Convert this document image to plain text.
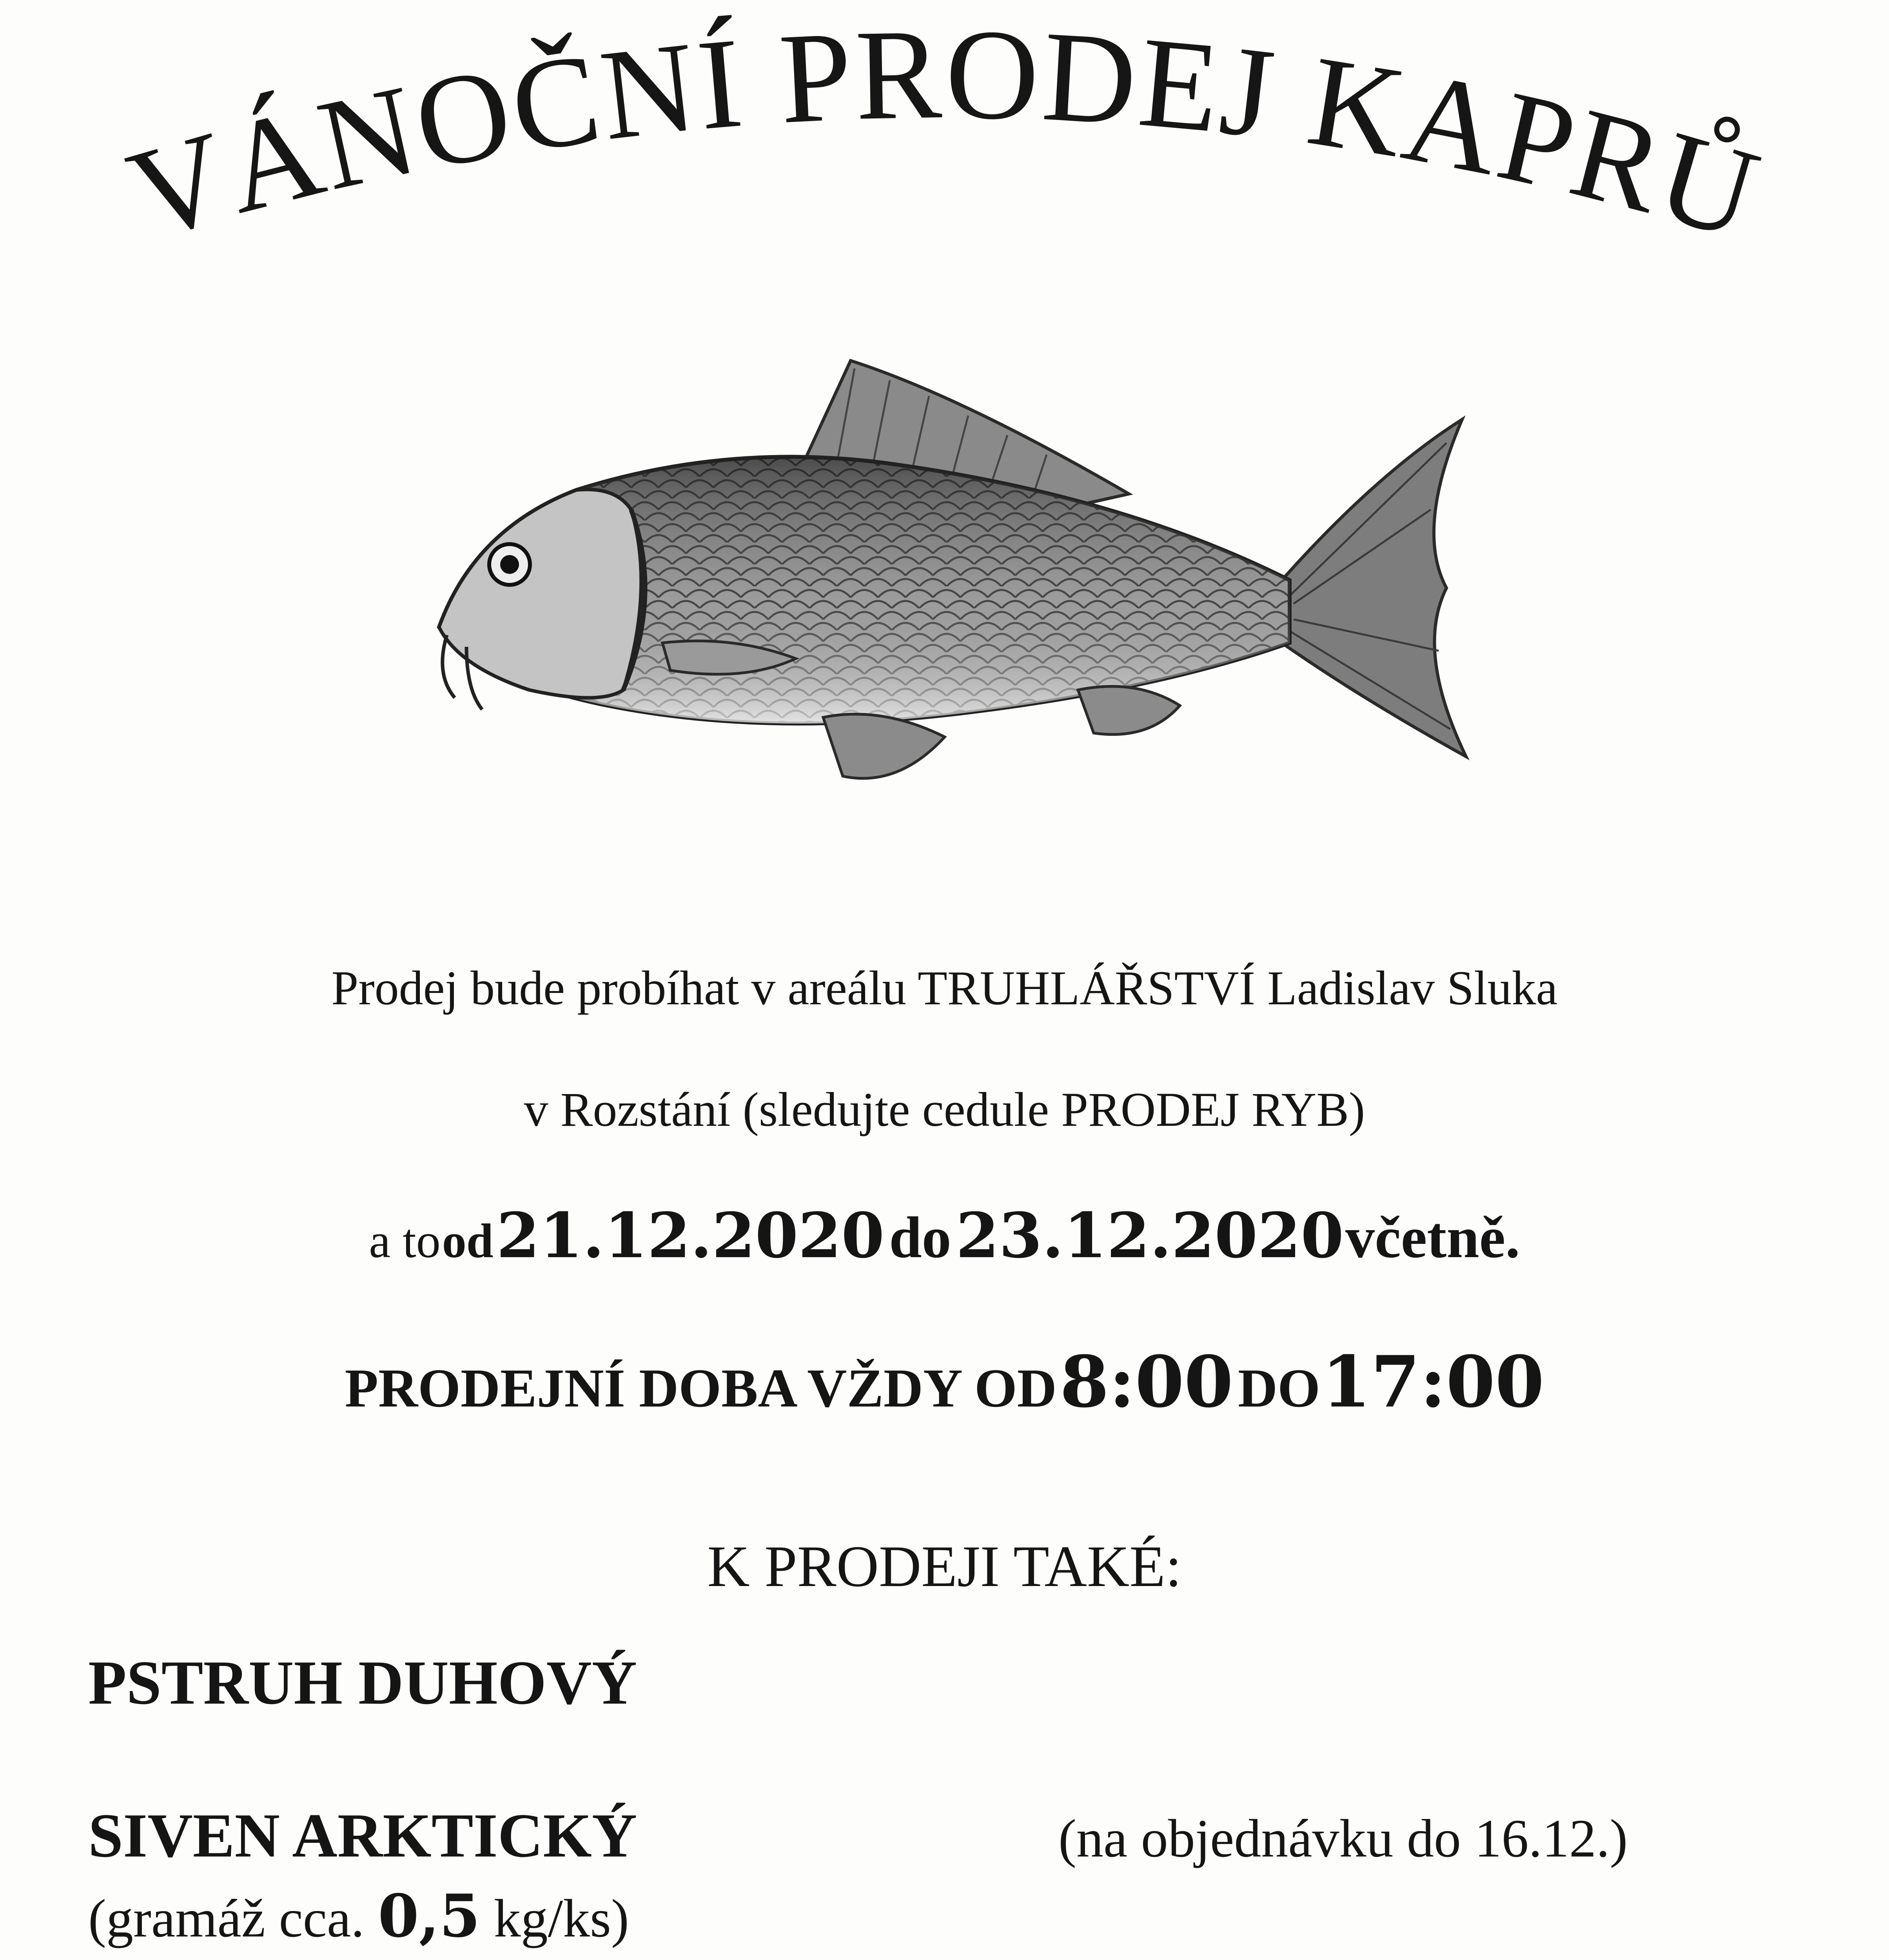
VÁNOČNÍ PRODEJ KAPRŮ
Prodej bude probíhat v areálu TRUHLÁŘSTVÍ Ladislav Sluka
v Rozstání (sledujte cedule PRODEJ RYB)
a to od  21.12.2020   do   23.12.2020 včetně.
PRODEJNÍ DOBA VŽDY OD  8:00   DO 17:00
K PRODEJI TAKÉ:
PSTRUH DUHOVÝ
SIVEN ARKTICKÝ	(na objednávku do 16.12.)
(gramáž cca. 0,5 kg/ks)
